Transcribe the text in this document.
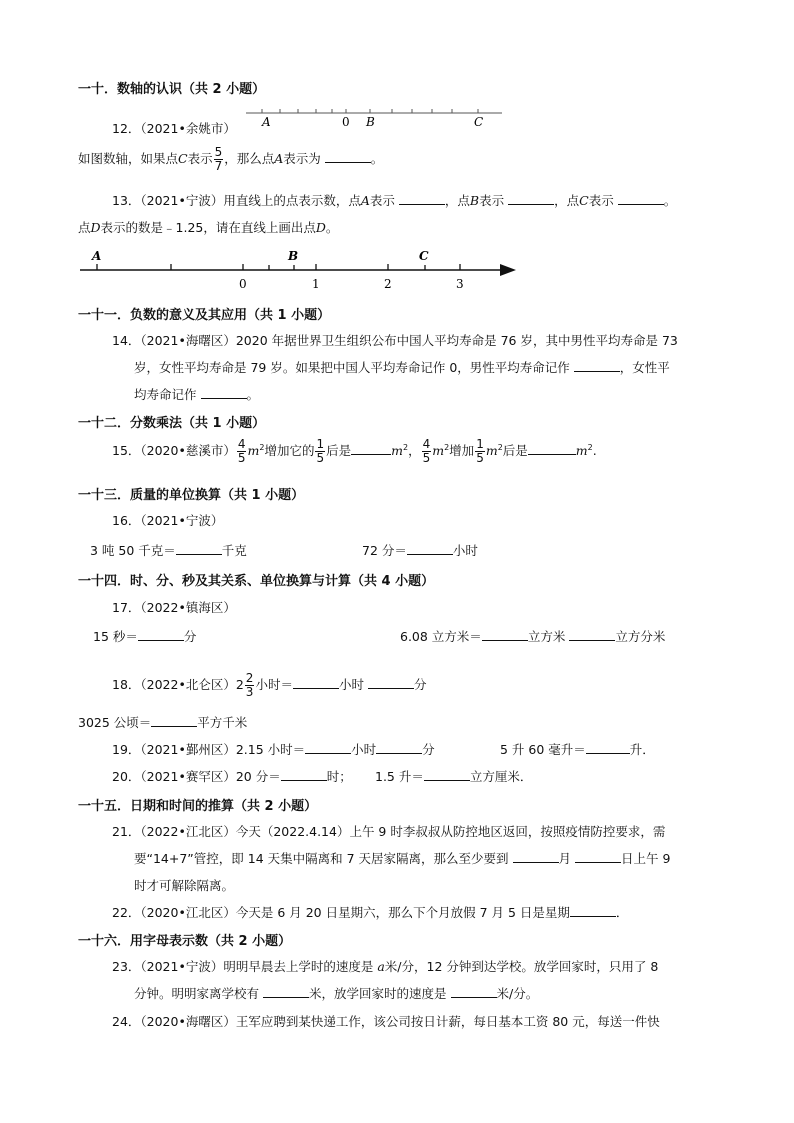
一十．数轴的认识（共 2 小题）
12．（2021•余姚市） A	0 B	C
如图数轴，如果点C表示 $\frac{5}{7}$ ，那么点A表示为	。
13．（2021•宁波）用直线上的点表示数，点A表示	，点B表示	，点C表示	。
点D表示的数是﹣1.25，请在直线上画出点D。
A	B	C
0	1	2	3
一十一．负数的意义及其应用（共 1 小题）
14．（2021•海曙区）2020 年据世界卫生组织公布中国人平均寿命是 76 岁，其中男性平均寿命是 73
岁，女性平均寿命是 79 岁。如果把中国人平均寿命记作 0，男性平均寿命记作	，女性平
均寿命记作	。
一十二．分数乘法（共 1 小题）
15．（2020•慈溪市） $\frac{4}{5} m^2$增加它的 $\frac{1}{5}$ 后是	$m^2$， $\frac{4}{5} m^2$增加 $\frac{1}{5} m^2$后是	$m^2$.
一十三．质量的单位换算（共 1 小题）
16．（2021•宁波）
3 吨 50 千克＝	千克	72 分＝	小时
一十四．时、分、秒及其关系、单位换算与计算（共 4 小题）
17．（2022•镇海区）
15 秒＝	分	6.08 立方米＝	立方米	立方分米
18．（2022•北仑区）$2 \frac{2}{3}$ 小时＝	小时	分
3025 公顷＝	平方千米
19．（2021•鄞州区）2.15 小时＝	小时	分	5 升 60 毫升＝	升．
20．（2021•赛罕区）20 分＝	时； 1.5 升＝	立方厘米．
一十五．日期和时间的推算（共 2 小题）
21．（2022•江北区）今天（2022.4.14）上午 9 时李叔叔从防控地区返回，按照疫情防控要求，需
要“14+7”管控，即 14 天集中隔离和 7 天居家隔离，那么至少要到	月	日上午 9
时才可解除隔离。
22．（2020•江北区）今天是 6 月 20 日星期六，那么下个月放假 7 月 5 日是星期	．
一十六．用字母表示数（共 2 小题）
23．（2021•宁波）明明早晨去上学时的速度是 a米/分，12 分钟到达学校。放学回家时，只用了 8
分钟。明明家离学校有	米，放学回家时的速度是	米/分。
24．（2020•海曙区）王军应聘到某快递工作，该公司按日计薪，每日基本工资 80 元，每送一件快
